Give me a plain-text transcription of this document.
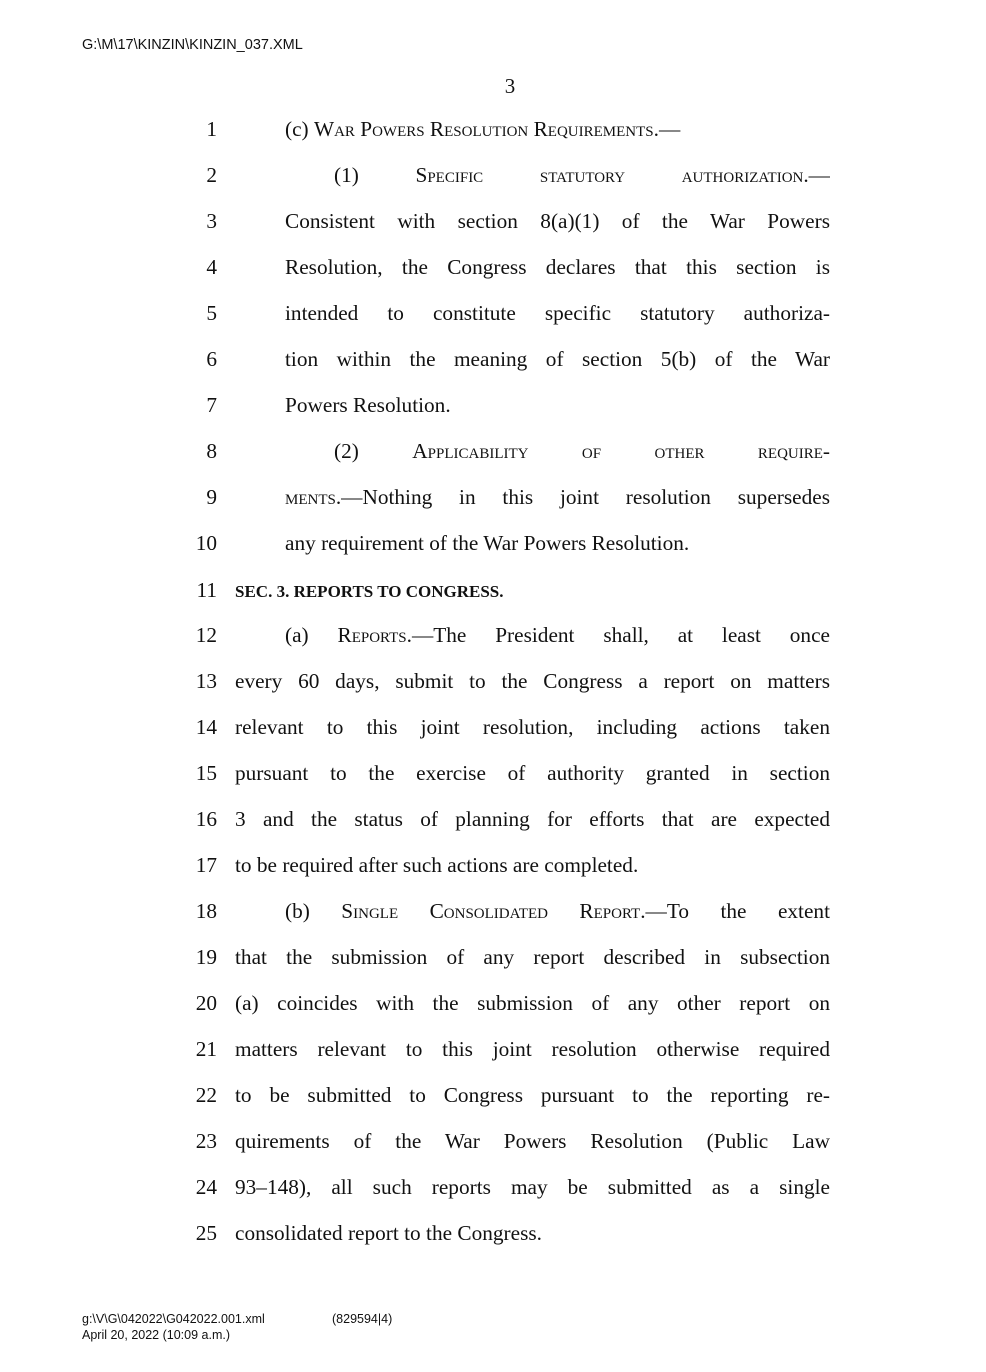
G:\M\17\KINZIN\KINZIN_037.XML
3
1	(c) War Powers Resolution Requirements.—
2	(1) Specific statutory authorization.—
3	Consistent with section 8(a)(1) of the War Powers
4	Resolution, the Congress declares that this section is
5	intended to constitute specific statutory authoriza-
6	tion within the meaning of section 5(b) of the War
7	Powers Resolution.
8	(2) Applicability of other require-
9	ments.—Nothing in this joint resolution supersedes
10	any requirement of the War Powers Resolution.
11 SEC. 3. REPORTS TO CONGRESS.
12	(a) Reports.—The President shall, at least once
13 every 60 days, submit to the Congress a report on matters
14 relevant to this joint resolution, including actions taken
15 pursuant to the exercise of authority granted in section
16 3 and the status of planning for efforts that are expected
17 to be required after such actions are completed.
18	(b) Single Consolidated Report.—To the extent
19 that the submission of any report described in subsection
20 (a) coincides with the submission of any other report on
21 matters relevant to this joint resolution otherwise required
22 to be submitted to Congress pursuant to the reporting re-
23 quirements of the War Powers Resolution (Public Law
24 93–148), all such reports may be submitted as a single
25 consolidated report to the Congress.
g:\V\G\042022\G042022.001.xml	(829594|4)
April 20, 2022 (10:09 a.m.)
